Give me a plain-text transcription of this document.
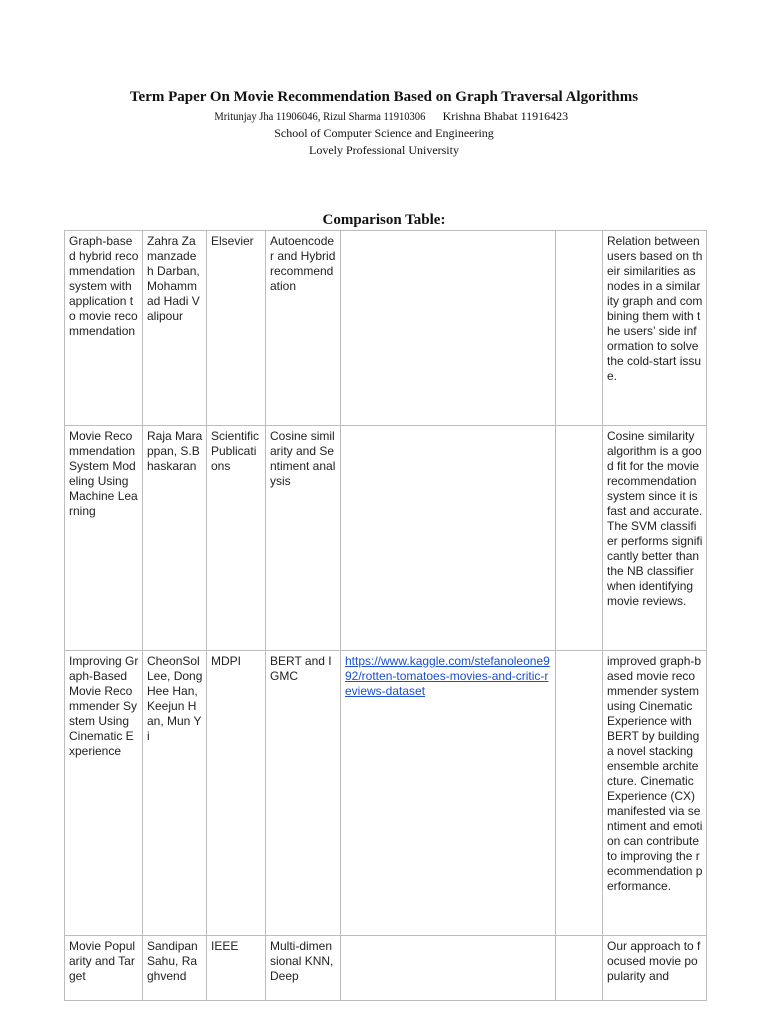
Term Paper On Movie Recommendation Based on Graph Traversal Algorithms
Mritunjay Jha 11906046, Rizul Sharma 11910306 Krishna Bhabat 11916423
School of Computer Science and Engineering
Lovely Professional University
Comparison Table:
Graph-based hybrid recommendation system with application to movie recommendation	Zahra Zamanzadeh Darban, Mohammad Hadi Valipour	Elsevier	Autoencoder and Hybrid recommendation			Relation between users based on their similarities as nodes in a similarity graph and combining them with the users’ side information to solve the cold-start issue.
Movie Recommendation System Modeling Using Machine Learning	Raja Marappan, S.Bhaskaran	Scientific Publications	Cosine similarity and Sentiment analysis			Cosine similarity algorithm is a good fit for the movie recommendation system since it is fast and accurate. The SVM classifier performs significantly better than the NB classifier when identifying movie reviews.
Improving Graph-Based Movie Recommender System Using Cinematic Experience	CheonSol Lee, DongHee Han, Keejun Han, Mun Yi	MDPI	BERT and IGMC	https://www.kaggle.com/stefanoleone992/rotten-tomatoes-movies-and-critic-reviews-dataset		improved graph-based movie recommender system using Cinematic Experience with BERT by building a novel stacking ensemble architecture. Cinematic Experience (CX) manifested via sentiment and emotion can contribute to improving the recommendation performance.
Movie Popularity and Target	Sandipan Sahu, Raghvend	IEEE	Multi-dimensional KNN, Deep			Our approach to focused movie popularity and
